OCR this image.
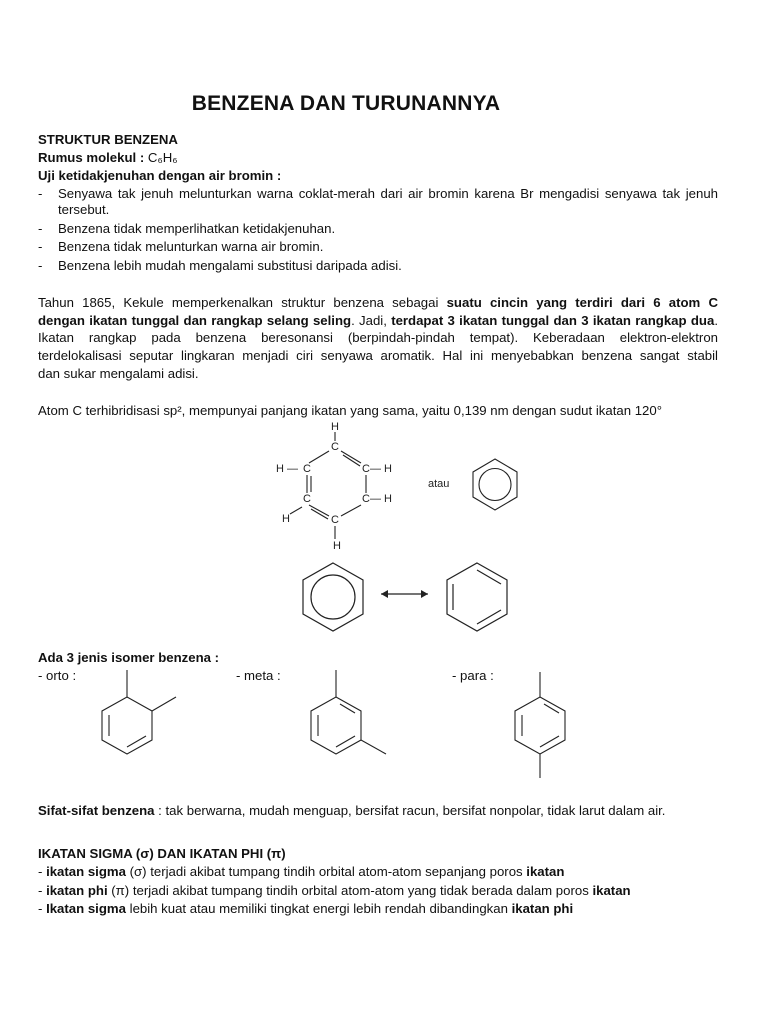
BENZENA DAN TURUNANNYA
STRUKTUR BENZENA
Rumus molekul : C₆H₆
Uji ketidakjenuhan dengan air bromin :
- Senyawa tak jenuh melunturkan warna coklat-merah dari air bromin karena Br mengadisi senyawa tak jenuh tersebut.
- Benzena tidak memperlihatkan ketidakjenuhan.
- Benzena tidak melunturkan warna air bromin.
- Benzena lebih mudah mengalami substitusi daripada adisi.
Tahun 1865, Kekule memperkenalkan struktur benzena sebagai suatu cincin yang terdiri dari 6 atom C
dengan ikatan tunggal dan rangkap selang seling. Jadi, terdapat 3 ikatan tunggal dan 3 ikatan rangkap dua.
Ikatan rangkap pada benzena beresonansi (berpindah-pindah tempat). Keberadaan elektron-elektron
terdelokalisasi seputar lingkaran menjadi ciri senyawa aromatik. Hal ini menyebabkan benzena sangat stabil
dan sukar mengalami adisi.
Atom C terhibridisasi sp², mempunyai panjang ikatan yang sama, yaitu 0,139 nm dengan sudut ikatan 120°
H
C
H — C	C — H
C	C — H
C
H
H
atau
Ada 3 jenis isomer benzena :
- orto :	- meta :	- para :
Sifat-sifat benzena : tak berwarna, mudah menguap, bersifat racun, bersifat nonpolar, tidak larut dalam air.
IKATAN SIGMA (σ) DAN IKATAN PHI (π)
- ikatan sigma (σ) terjadi akibat tumpang tindih orbital atom-atom sepanjang poros ikatan
- ikatan phi (π) terjadi akibat tumpang tindih orbital atom-atom yang tidak berada dalam poros ikatan
- Ikatan sigma lebih kuat atau memiliki tingkat energi lebih rendah dibandingkan ikatan phi
